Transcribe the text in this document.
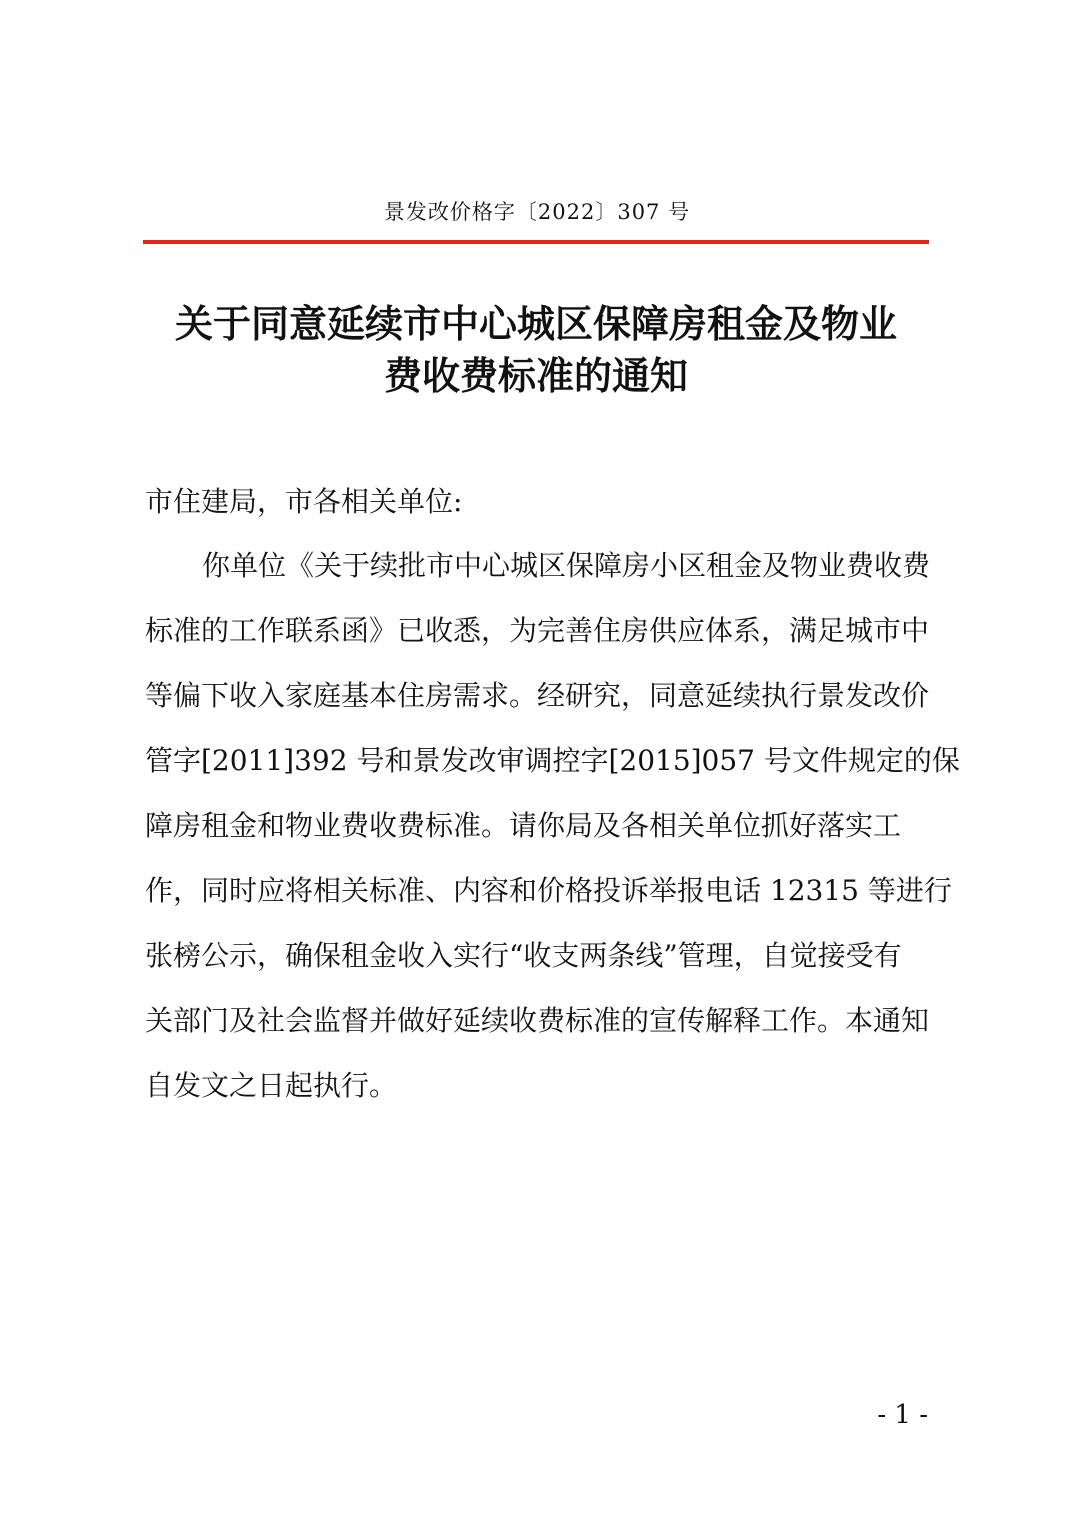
景发改价格字〔2022〕307 号
关于同意延续市中心城区保障房租金及物业
费收费标准的通知
市住建局，市各相关单位:
你单位《关于续批市中心城区保障房小区租金及物业费收费
标准的工作联系函》已收悉，为完善住房供应体系，满足城市中
等偏下收入家庭基本住房需求。经研究，同意延续执行景发改价
管字[2011]392 号和景发改审调控字[2015]057 号文件规定的保
障房租金和物业费收费标准。请你局及各相关单位抓好落实工
作，同时应将相关标准、内容和价格投诉举报电话 12315 等进行
张榜公示，确保租金收入实行“收支两条线”管理，自觉接受有
关部门及社会监督并做好延续收费标准的宣传解释工作。本通知
自发文之日起执行。
- 1 -
